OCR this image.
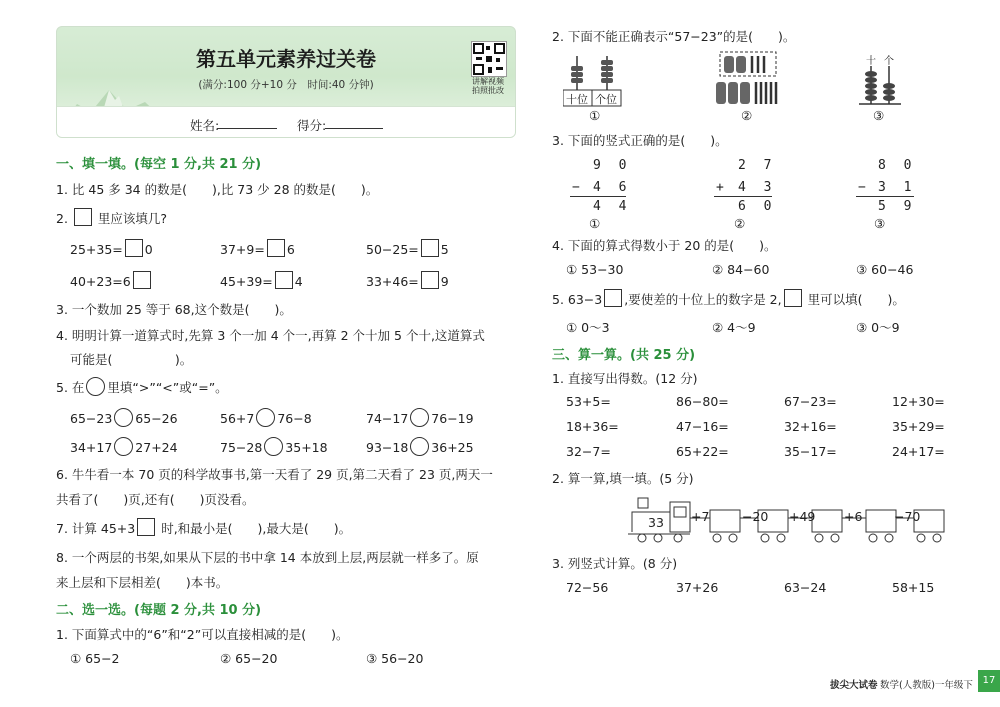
第五单元素养过关卷
(满分:100 分+10 分　时间:40 分钟)	讲解视频
拍照批改
姓名:	得分:
一、填一填。(每空 1 分,共 21 分)
1. 比 45 多 34 的数是(　　),比 73 少 28 的数是(　　)。
2.  里应该填几?
25+35= 0	37+9= 6	50−25= 5
40+23=6	45+39= 4	33+46= 9
3. 一个数加 25 等于 68,这个数是(　　)。
4. 明明计算一道算式时,先算 3 个一加 4 个一,再算 2 个十加 5 个十,这道算式
可能是(　　　　　)。
5. 在 里填“>”“<”或“=”。
65−23 65−26	56+7 76−8	74−17 76−19
34+17 27+24	75−28 35+18	93−18 36+25
6. 牛牛看一本 70 页的科学故事书,第一天看了 29 页,第二天看了 23 页,两天一
共看了(　　)页,还有(　　)页没看。
7. 计算 45+3 时,和最小是(　　),最大是(　　)。
8. 一个两层的书架,如果从下层的书中拿 14 本放到上层,两层就一样多了。原
来上层和下层相差(　　)本书。
二、选一选。(每题 2 分,共 10 分)
1. 下面算式中的“6”和“2”可以直接相减的是(　　)。
① 65−2	② 65−20	③ 56−20
2. 下面不能正确表示“57−23”的是(　　)。
十位 个位
①	②
十 个
③
3. 下面的竖式正确的是(　　)。
9 0
− 4 6
4 4
①
2 7
+ 4 3
6 0
②
8 0
− 3 1
5 9
③
4. 下面的算式得数小于 20 的是(　　)。
① 53−30	② 84−60	③ 60−46
5. 63−3 ,要使差的十位上的数字是 2, 里可以填(　　)。
① 0～3	② 4～9	③ 0～9
三、算一算。(共 25 分)
1. 直接写出得数。(12 分)
53+5=	86−80=	67−23=	12+30=
18+36=	47−16=	32+16=	35+29=
32−7=	65+22=	35−17=	24+17=
2. 算一算,填一填。(5 分)
33 +7	−20 +49 +6	−70
3. 列竖式计算。(8 分)
72−56	37+26	63−24	58+15
拔尖大试卷 数学(人教版)一年级下 17
